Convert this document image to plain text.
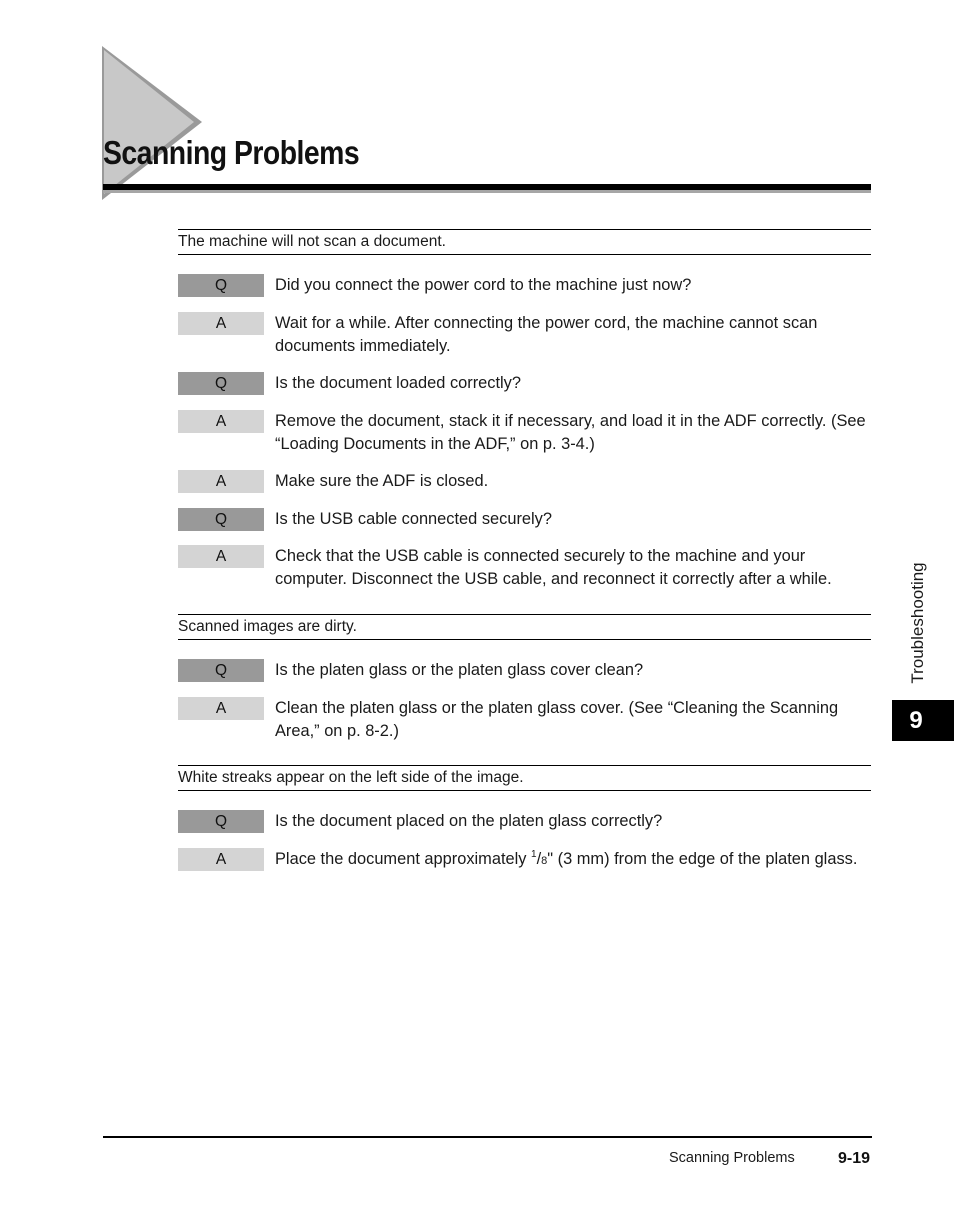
Scanning Problems
The machine will not scan a document.
Q	Did you connect the power cord to the machine just now?
A	Wait for a while. After connecting the power cord, the machine cannot scan documents immediately.
Q	Is the document loaded correctly?
A	Remove the document, stack it if necessary, and load it in the ADF correctly. (See “Loading Documents in the ADF,” on p. 3-4.)
A	Make sure the ADF is closed.
Q	Is the USB cable connected securely?
A	Check that the USB cable is connected securely to the machine and your computer. Disconnect the USB cable, and reconnect it correctly after a while.
Scanned images are dirty.
Q	Is the platen glass or the platen glass cover clean?
A	Clean the platen glass or the platen glass cover. (See “Cleaning the Scanning Area,” on p. 8-2.)
White streaks appear on the left side of the image.
Q	Is the document placed on the platen glass correctly?
A	Place the document approximately $^1$/8" (3 mm) from the edge of the platen glass.
Troubleshooting
9
Scanning Problems	9-19
